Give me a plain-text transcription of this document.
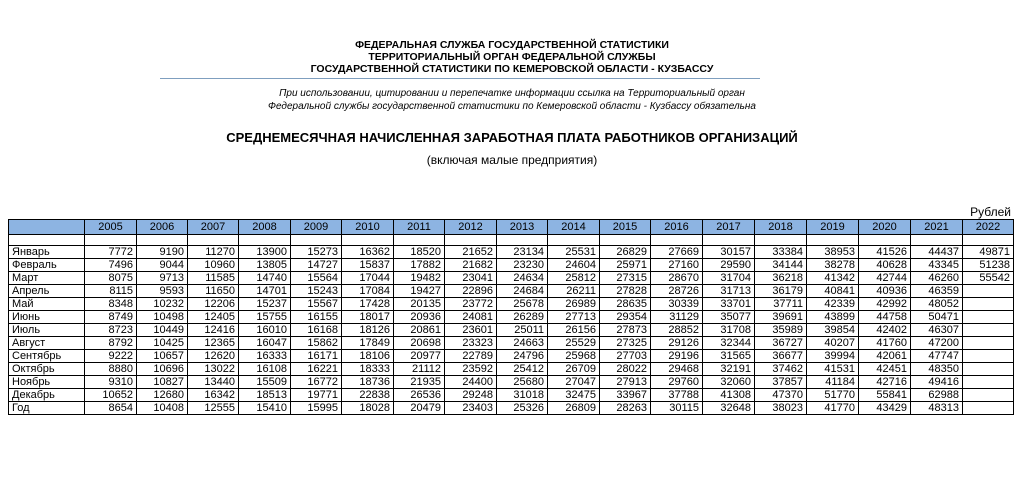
ФЕДЕРАЛЬНАЯ СЛУЖБА ГОСУДАРСТВЕННОЙ СТАТИСТИКИ
ТЕРРИТОРИАЛЬНЫЙ ОРГАН ФЕДЕРАЛЬНОЙ СЛУЖБЫ
ГОСУДАРСТВЕННОЙ СТАТИСТИКИ ПО КЕМЕРОВСКОЙ ОБЛАСТИ - КУЗБАССУ
При использовании, цитировании и перепечатке информации ссылка на Территориальный орган
Федеральной службы государственной статистики по Кемеровской области - Кузбассу обязательна
СРЕДНЕМЕСЯЧНАЯ НАЧИСЛЕННАЯ ЗАРАБОТНАЯ ПЛАТА РАБОТНИКОВ ОРГАНИЗАЦИЙ
(включая малые предприятия)
Рублей
	2005	2006	2007	2008	2009	2010	2011	2012	2013	2014	2015	2016	2017	2018	2019	2020	2021	2022

Январь	7772	9190	11270	13900	15273	16362	18520	21652	23134	25531	26829	27669	30157	33384	38953	41526	44437	49871
Февраль	7496	9044	10960	13805	14727	15837	17882	21682	23230	24604	25971	27160	29590	34144	38278	40628	43345	51238
Март	8075	9713	11585	14740	15564	17044	19482	23041	24634	25812	27315	28670	31704	36218	41342	42744	46260	55542
Апрель	8115	9593	11650	14701	15243	17084	19427	22896	24684	26211	27828	28726	31713	36179	40841	40936	46359	
Май	8348	10232	12206	15237	15567	17428	20135	23772	25678	26989	28635	30339	33701	37711	42339	42992	48052	
Июнь	8749	10498	12405	15755	16155	18017	20936	24081	26289	27713	29354	31129	35077	39691	43899	44758	50471	
Июль	8723	10449	12416	16010	16168	18126	20861	23601	25011	26156	27873	28852	31708	35989	39854	42402	46307	
Август	8792	10425	12365	16047	15862	17849	20698	23323	24663	25529	27325	29126	32344	36727	40207	41760	47200	
Сентябрь	9222	10657	12620	16333	16171	18106	20977	22789	24796	25968	27703	29196	31565	36677	39994	42061	47747	
Октябрь	8880	10696	13022	16108	16221	18333	21112	23592	25412	26709	28022	29468	32191	37462	41531	42451	48350	
Ноябрь	9310	10827	13440	15509	16772	18736	21935	24400	25680	27047	27913	29760	32060	37857	41184	42716	49416	
Декабрь	10652	12680	16342	18513	19771	22838	26536	29248	31018	32475	33967	37788	41308	47370	51770	55841	62988	
Год	8654	10408	12555	15410	15995	18028	20479	23403	25326	26809	28263	30115	32648	38023	41770	43429	48313	
